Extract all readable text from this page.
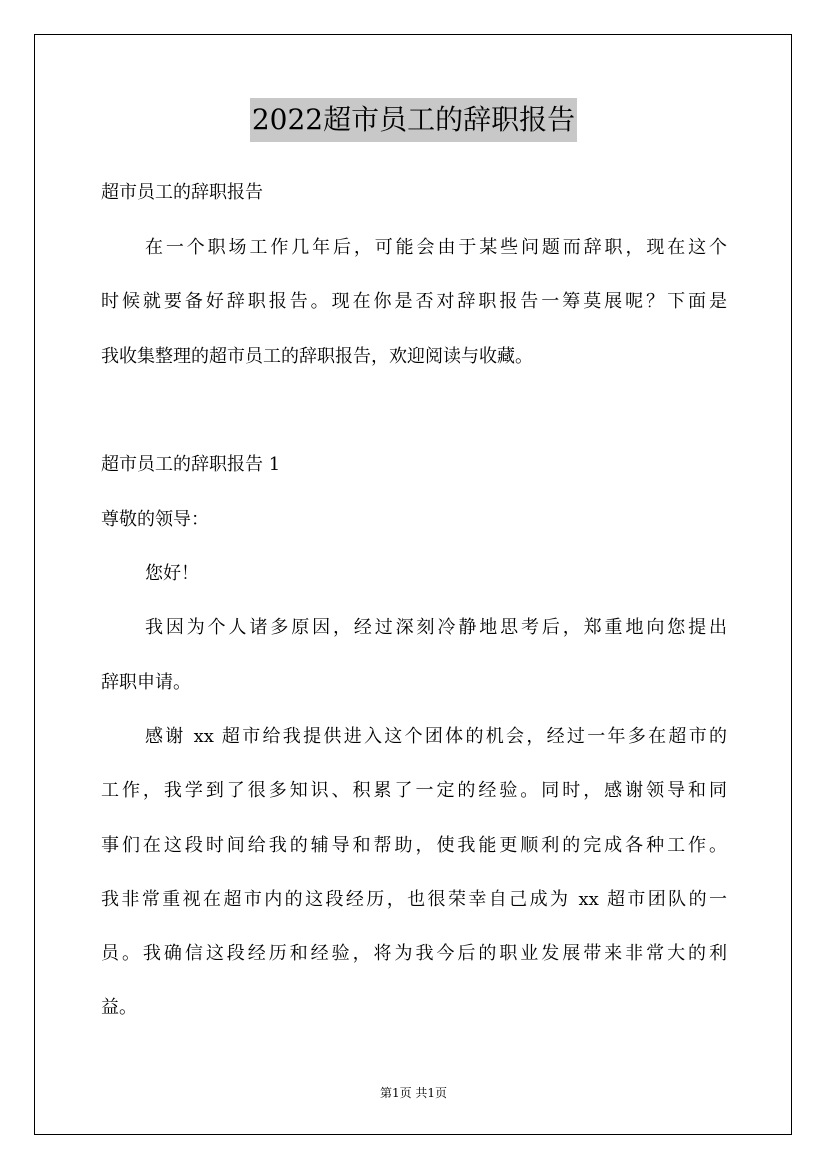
2022超市员工的辞职报告
超市员工的辞职报告
在一个职场工作几年后，可能会由于某些问题而辞职，现在这个
时候就要备好辞职报告。现在你是否对辞职报告一筹莫展呢？下面是
我收集整理的超市员工的辞职报告，欢迎阅读与收藏。
超市员工的辞职报告 1
尊敬的领导：
您好！
我因为个人诸多原因，经过深刻冷静地思考后，郑重地向您提出
辞职申请。
感谢 xx 超市给我提供进入这个团体的机会，经过一年多在超市的
工作，我学到了很多知识、积累了一定的经验。同时，感谢领导和同
事们在这段时间给我的辅导和帮助，使我能更顺利的完成各种工作。
我非常重视在超市内的这段经历，也很荣幸自己成为 xx 超市团队的一
员。我确信这段经历和经验，将为我今后的职业发展带来非常大的利
益。
第1页 共1页
